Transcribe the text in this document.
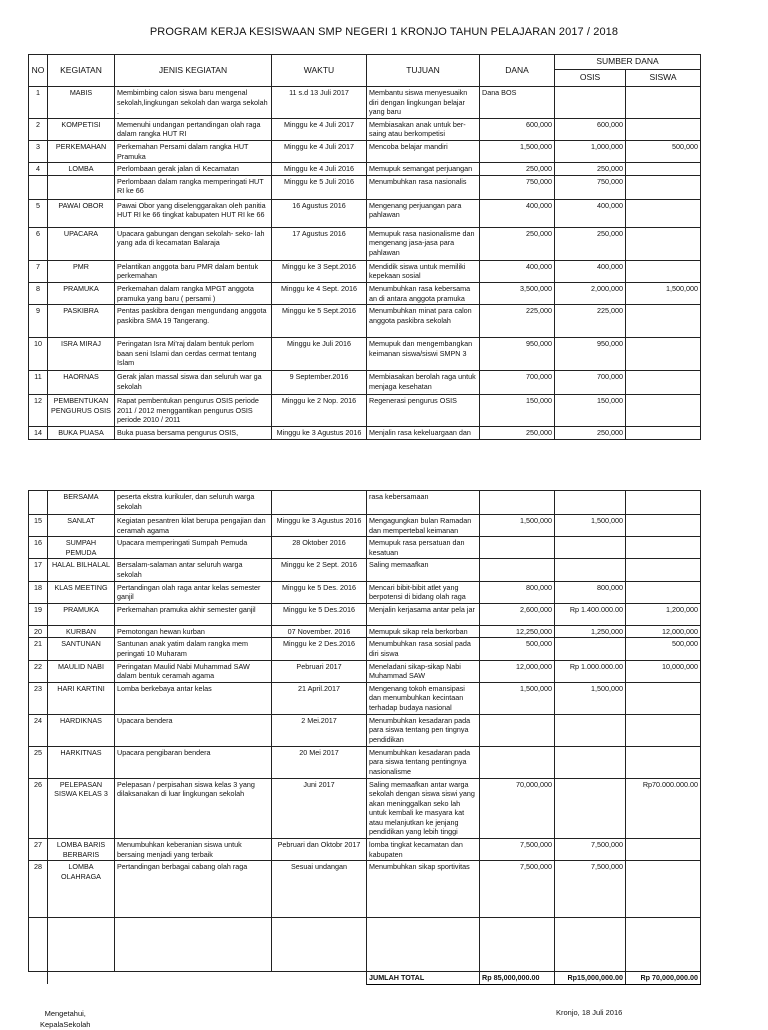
PROGRAM KERJA KESISWAAN SMP NEGERI 1 KRONJO TAHUN PELAJARAN 2017 / 2018
NO	KEGIATAN	JENIS KEGIATAN	WAKTU	TUJUAN	DANA	SUMBER DANA	
						OSIS	SISWA
1	MABIS	Membimbing calon siswa baru mengenal sekolah,lingkungan sekolah dan warga sekolah .	11 s.d 13 Juli 2017	Membantu siswa menyesuaikn diri dengan lingkungan belajar yang baru	Dana BOS		
2	KOMPETISI	Memenuhi undangan pertandingan olah raga dalam rangka HUT RI	Minggu ke 4 Juli 2017	Membiasakan anak untuk ber- saing atau berkompetisi	600,000	600,000	
3	PERKEMAHAN	Perkemahan Persami dalam rangka HUT Pramuka	Minggu ke 4 Juli 2017	Mencoba belajar mandiri	1,500,000	1,000,000	500,000
4	LOMBA	Perlombaan gerak jalan di Kecamatan	Minggu ke 4 Juli 2016	Memupuk semangat perjuangan	250,000	250,000	
		Perlombaan dalam rangka memperingati HUT RI ke 66	Minggu ke 5 Juli 2016	Menumbuhkan rasa nasionalis	750,000	750,000	
5	PAWAI OBOR	Pawai Obor yang diselenggarakan oleh panitia HUT RI ke 66 tingkat kabupaten HUT RI ke 66	16 Agustus 2016	Mengenang perjuangan para pahlawan	400,000	400,000	
6	UPACARA	Upacara gabungan dengan sekolah- seko- lah yang ada di kecamatan Balaraja	17 Agustus 2016	Memupuk rasa nasionalisme dan mengenang jasa-jasa para pahlawan	250,000	250,000	
7	PMR	Pelantikan anggota baru PMR dalam bentuk perkemahan	Minggu ke 3 Sept.2016	Mendidik siswa untuk memiliki kepekaan sosial	400,000	400,000	
8	PRAMUKA	Perkemahan dalam rangka MPGT anggota pramuka yang baru ( persami )	Minggu ke 4 Sept. 2016	Menumbuhkan rasa kebersama an di antara anggota pramuka	3,500,000	2,000,000	1,500,000
9	PASKIBRA	Pentas paskibra dengan mengundang anggota paskibra SMA 19 Tangerang.	Minggu ke 5 Sept.2016	Menumbuhkan minat para calon anggota paskibra sekolah	225,000	225,000	
10	ISRA MIRAJ	Peringatan Isra Mi'raj dalam bentuk perlom baan seni Islami dan cerdas cermat tentang Islam	Minggu ke Juli 2016	Memupuk dan mengembangkan keimanan siswa/siswi SMPN 3	950,000	950,000	
11	HAORNAS	Gerak jalan massal siswa dan seluruh war ga sekolah	9 September.2016	Membiasakan berolah raga untuk menjaga kesehatan	700,000	700,000	
12	PEMBENTUKAN PENGURUS OSIS	Rapat pembentukan pengurus OSIS periode 2011 / 2012 menggantikan pengurus OSIS periode 2010 / 2011	Minggu ke 2 Nop. 2016	Regenerasi pengurus OSIS	150,000	150,000	
14	BUKA PUASA	Buka puasa bersama pengurus OSIS,	Minggu ke 3 Agustus 2016	Menjalin rasa kekeluargaan dan	250,000	250,000	
	BERSAMA	peserta ekstra kurikuler, dan seluruh warga sekolah		rasa kebersamaan			
15	SANLAT	Kegiatan pesantren kilat berupa pengajian dan ceramah agama	Minggu ke 3 Agustus 2016	Mengagungkan bulan Ramadan dan mempertebal keimanan	1,500,000	1,500,000	
16	SUMPAH PEMUDA	Upacara memperingati Sumpah Pemuda	28 Oktober 2016	Memupuk rasa persatuan dan kesatuan			
17	HALAL BILHALAL	Bersalam-salaman antar seluruh warga sekolah	Minggu ke 2 Sept. 2016	Saling memaafkan			
18	KLAS MEETING	Pertandingan olah raga antar kelas semester ganjil	Minggu ke 5 Des. 2016	Mencari bibit-bibit atlet yang berpotensi di bidang olah raga	800,000	800,000	
19	PRAMUKA	Perkemahan pramuka akhir semester ganjil	Minggu ke 5 Des.2016	Menjalin kerjasama antar pela jar	2,600,000	Rp 1.400.000.00	1,200,000
20	KURBAN	Pemotongan hewan kurban	07 November. 2016	Memupuk sikap rela berkorban	12,250,000	1,250,000	12,000,000
21	SANTUNAN	Santunan anak yatim dalam rangka mem peringati 10 Muharam	Minggu ke 2 Des.2016	Menumbuhkan rasa sosial pada diri siswa	500,000		500,000
22	MAULID NABI	Peringatan Maulid Nabi Muhammad SAW dalam bentuk ceramah agama	Pebruari 2017	Meneladani sikap-sikap Nabi Muhammad SAW	12,000,000	Rp 1.000.000.00	10,000,000
23	HARI KARTINI	Lomba berkebaya antar kelas	21 April.2017	Mengenang tokoh emansipasi dan menumbuhkan kecintaan terhadap budaya nasional	1,500,000	1,500,000	
24	HARDIKNAS	Upacara bendera	2 Mei.2017	Menumbuhkan kesadaran pada para siswa tentang pen tingnya pendidikan			
25	HARKITNAS	Upacara pengibaran bendera	20 Mei 2017	Menumbuhkan kesadaran pada para siswa tentang pentingnya nasionalisme			
26	PELEPASAN SISWA KELAS 3	Pelepasan / perpisahan siswa kelas 3 yang dilaksanakan di luar lingkungan sekolah	Juni 2017	Saling memaafkan antar warga sekolah dengan siswa siswi yang akan meninggalkan seko lah untuk kembali ke masyara kat atau melanjutkan ke jenjang pendidikan yang lebih tinggi	70,000,000		Rp70.000.000.00
27	LOMBA BARIS BERBARIS	Menumbuhkan keberanian siswa untuk bersaing menjadi yang terbaik	Pebruari dan Oktobr 2017	lomba tingkat kecamatan dan kabupaten	7,500,000	7,500,000	
28	LOMBA OLAHRAGA	Pertandingan berbagai cabang olah raga	Sesuai undangan	Menumbuhkan sikap sportivitas	7,500,000	7,500,000	

				JUMLAH TOTAL	Rp 85,000,000.00	Rp15,000,000.00	Rp 70,000,000.00
Mengetahui,
KepalaSekolah
Kronjo, 18 Juli 2016
